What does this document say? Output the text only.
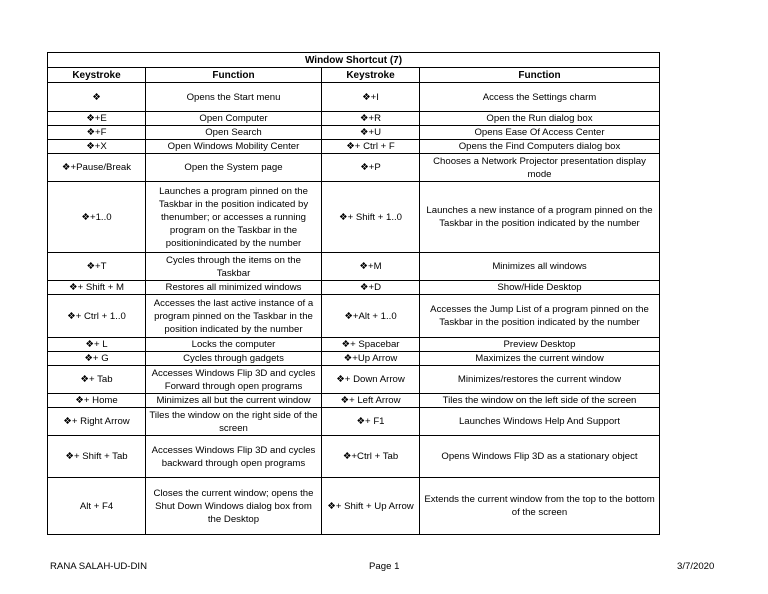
Window Shortcut (7)			
Keystroke	Function	Keystroke	Function
❖	Opens the Start menu	❖+I	Access the Settings charm
❖+E	Open Computer	❖+R	Open the Run dialog box
❖+F	Open Search	❖+U	Opens Ease Of Access Center
❖+X	Open Windows Mobility Center	❖+ Ctrl + F	Opens the Find Computers dialog box
❖+Pause/Break	Open the System page	❖+P	Chooses a Network Projector presentation display mode
❖+1..0	Launches a program pinned on the Taskbar in the position indicated by thenumber; or accesses a running program on the Taskbar in the positionindicated by the number	❖+ Shift + 1..0	Launches a new instance of a program pinned on the Taskbar in the position indicated by the number
❖+T	Cycles through the items on the Taskbar	❖+M	Minimizes all windows
❖+ Shift + M	Restores all minimized windows	❖+D	Show/Hide Desktop
❖+ Ctrl + 1..0	Accesses the last active instance of a program pinned on the Taskbar in the position indicated by the number	❖+Alt + 1..0	Accesses the Jump List of a program pinned on the Taskbar in the position indicated by the number
❖+ L	Locks the computer	❖+ Spacebar	Preview Desktop
❖+ G	Cycles through gadgets	❖+Up Arrow	Maximizes the current window
❖+ Tab	Accesses Windows Flip 3D and cycles Forward through open programs	❖+ Down Arrow	Minimizes/restores the current window
❖+ Home	Minimizes all but the current window	❖+ Left Arrow	Tiles the window on the left side of the screen
❖+ Right Arrow	Tiles the window on the right side of the screen	❖+ F1	Launches Windows Help And Support
❖+ Shift + Tab	Accesses Windows Flip 3D and cycles backward through open programs	❖+Ctrl + Tab	Opens Windows Flip 3D as a stationary object
Alt + F4	Closes the current window; opens the Shut Down Windows dialog box from the Desktop	❖+ Shift + Up Arrow	Extends the current window from the top to the bottom of the screen
RANA SALAH-UD-DIN	Page 1	3/7/2020
